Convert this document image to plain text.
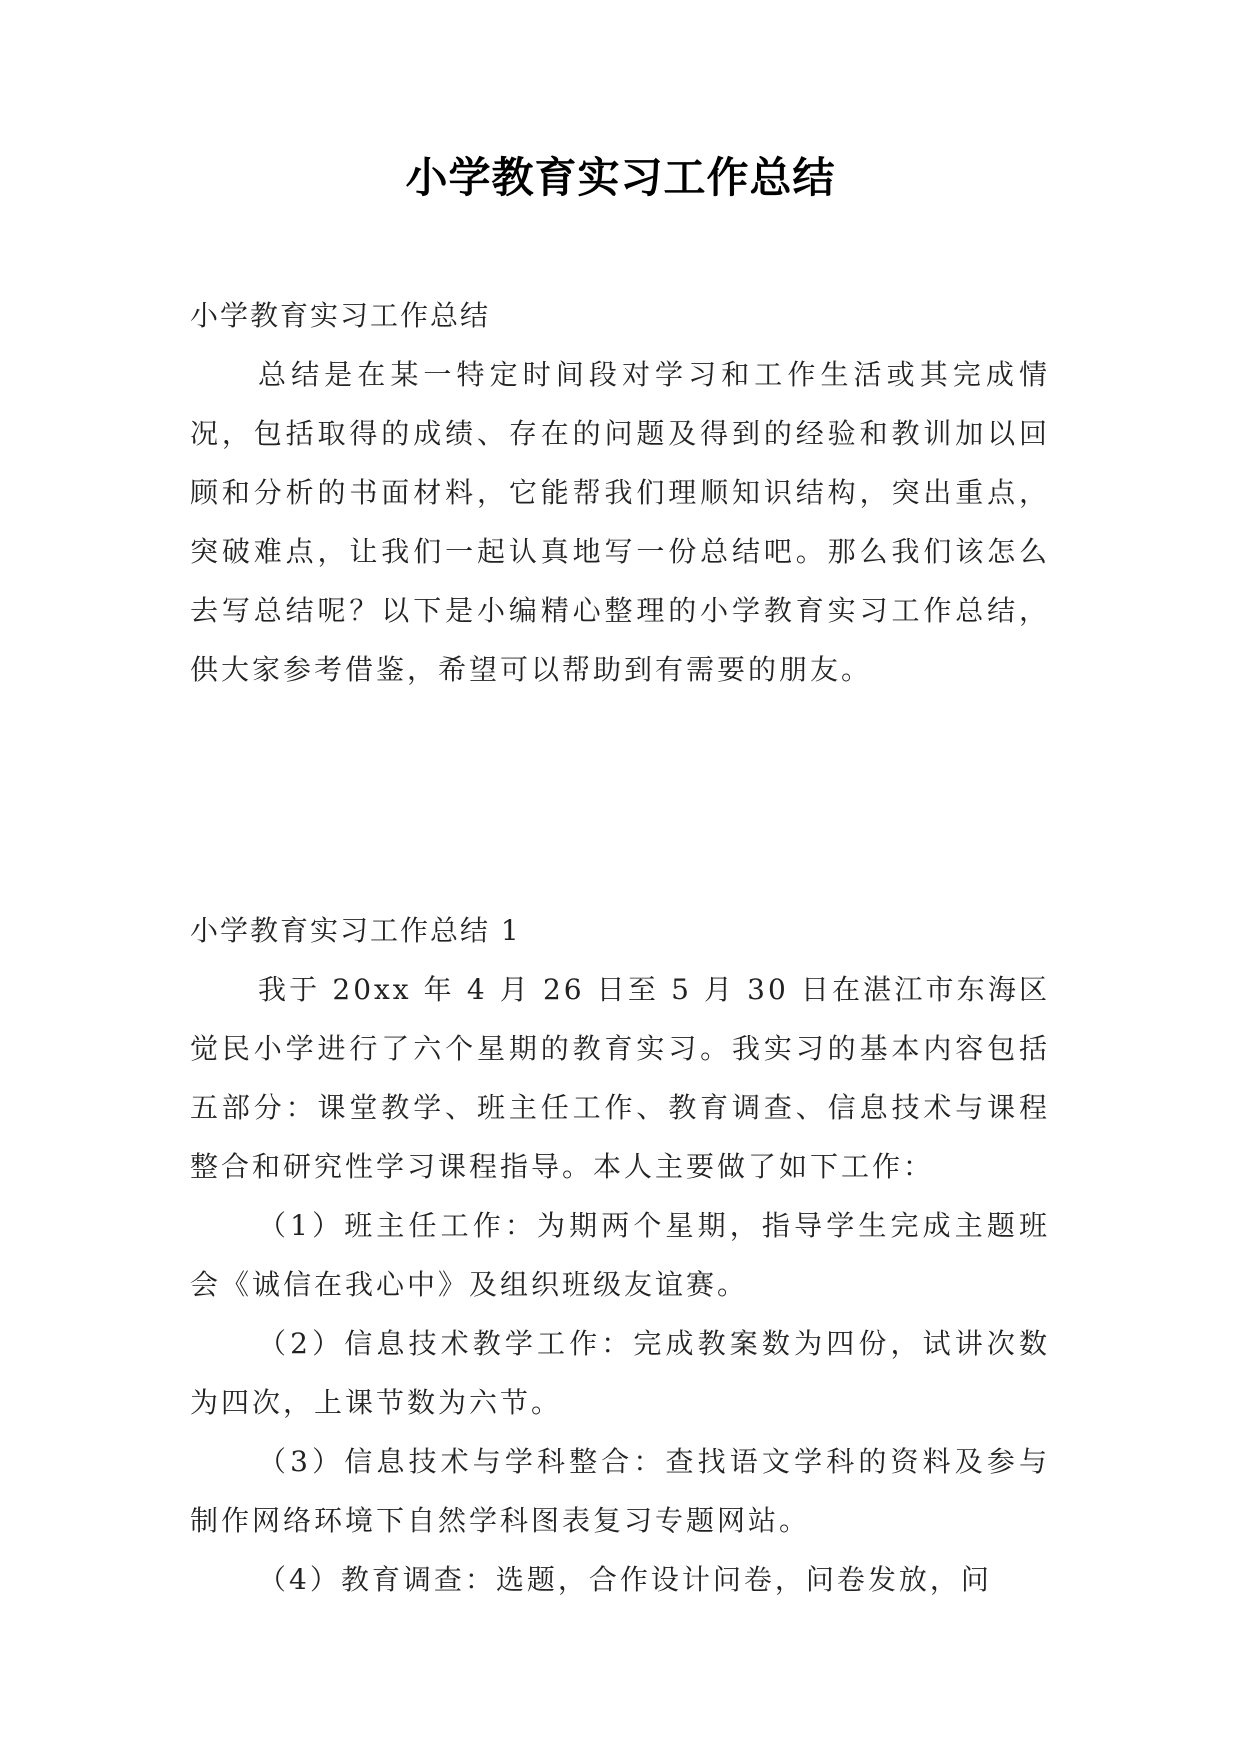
小学教育实习工作总结

小学教育实习工作总结

总结是在某一特定时间段对学习和工作生活或其完成情况，包括取得的成绩、存在的问题及得到的经验和教训加以回顾和分析的书面材料，它能帮我们理顺知识结构，突出重点，突破难点，让我们一起认真地写一份总结吧。那么我们该怎么去写总结呢？以下是小编精心整理的小学教育实习工作总结，供大家参考借鉴，希望可以帮助到有需要的朋友。

小学教育实习工作总结 1

我于 20xx 年 4 月 26 日至 5 月 30 日在湛江市东海区觉民小学进行了六个星期的教育实习。我实习的基本内容包括五部分：课堂教学、班主任工作、教育调查、信息技术与课程整合和研究性学习课程指导。本人主要做了如下工作：

（1）班主任工作：为期两个星期，指导学生完成主题班会《诚信在我心中》及组织班级友谊赛。

（2）信息技术教学工作：完成教案数为四份，试讲次数为四次，上课节数为六节。

（3）信息技术与学科整合：查找语文学科的资料及参与制作网络环境下自然学科图表复习专题网站。

（4）教育调查：选题，合作设计问卷，问卷发放，问
